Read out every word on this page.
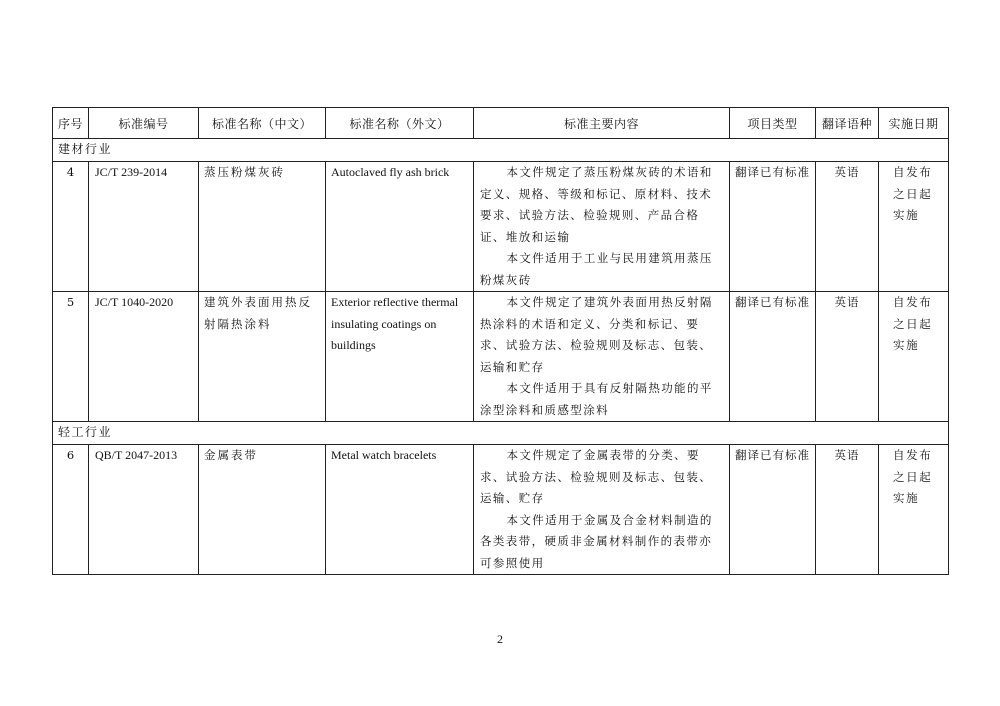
序号	标准编号	标准名称（中文）	标准名称（外文）	标准主要内容	项目类型	翻译语种	实施日期
建材行业							
4	JC/T 239-2014	蒸压粉煤灰砖	Autoclaved fly ash brick	本文件规定了蒸压粉煤灰砖的术语和定义、规格、等级和标记、原材料、技术要求、试验方法、检验规则、产品合格证、堆放和运输

本文件适用于工业与民用建筑用蒸压粉煤灰砖	翻译已有标准	英语	自发布之日起实施
5	JC/T 1040-2020	建筑外表面用热反射隔热涂料	Exterior reflective thermal insulating coatings on buildings	本文件规定了建筑外表面用热反射隔热涂料的术语和定义、分类和标记、要求、试验方法、检验规则及标志、包装、运输和贮存

本文件适用于具有反射隔热功能的平涂型涂料和质感型涂料	翻译已有标准	英语	自发布之日起实施
轻工行业							
6	QB/T 2047-2013	金属表带	Metal watch bracelets	本文件规定了金属表带的分类、要求、试验方法、检验规则及标志、包装、运输、贮存

本文件适用于金属及合金材料制造的各类表带，硬质非金属材料制作的表带亦可参照使用	翻译已有标准	英语	自发布之日起实施
2
